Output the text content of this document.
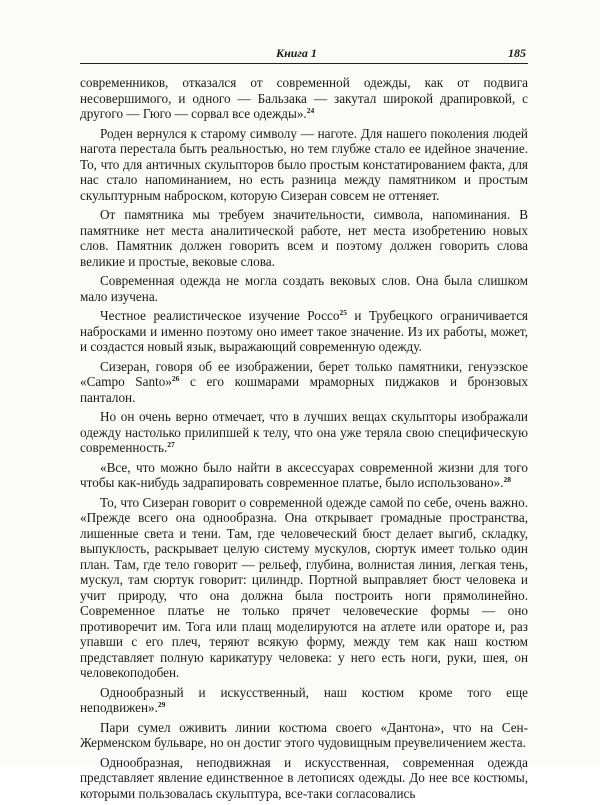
Книга 1	185

современников, отказался от современной одежды, как от подвига несовершимого, и одного — Бальзака — закутал широкой драпировкой, с другого — Гюго — сорвал все одежды».$^{24}$

Роден вернулся к старому символу — наготе. Для нашего поколения людей нагота перестала быть реальностью, но тем глубже стало ее идейное значение. То, что для античных скульпторов было простым констатированием факта, для нас стало напоминанием, но есть разница между памятником и простым скульптурным наброском, которую Сизеран совсем не оттеняет.

От памятника мы требуем значительности, символа, напоминания. В памятнике нет места аналитической работе, нет места изобретению новых слов. Памятник должен говорить всем и поэтому должен говорить слова великие и простые, вековые слова.

Современная одежда не могла создать вековых слов. Она была слишком мало изучена.

Честное реалистическое изучение Россо$^{25}$ и Трубецкого ограничивается набросками и именно поэтому оно имеет такое значение. Из их работы, может, и создастся новый язык, выражающий современную одежду.

Сизеран, говоря об ее изображении, берет только памятники, генуэзское «Campo Santo»$^{26}$ с его кошмарами мраморных пиджаков и бронзовых панталон.

Но он очень верно отмечает, что в лучших вещах скульпторы изображали одежду настолько прилипшей к телу, что она уже теряла свою специфическую современность.$^{27}$

«Все, что можно было найти в аксессуарах современной жизни для того чтобы как-нибудь задрапировать современное платье, было использовано».$^{28}$

То, что Сизеран говорит о современной одежде самой по себе, очень важно. «Прежде всего она однообразна. Она открывает громадные пространства, лишенные света и тени. Там, где человеческий бюст делает выгиб, складку, выпуклость, раскрывает целую систему мускулов, сюртук имеет только один план. Там, где тело говорит — рельеф, глубина, волнистая линия, легкая тень, мускул, там сюртук говорит: цилиндр. Портной выправляет бюст человека и учит природу, что она должна была построить ноги прямолинейно. Современное платье не только прячет человеческие формы — оно противоречит им. Тога или плащ моделируются на атлете или ораторе и, раз упавши с его плеч, теряют всякую форму, между тем как наш костюм представляет полную карикатуру человека: у него есть ноги, руки, шея, он человекоподобен.

Однообразный и искусственный, наш костюм кроме того еще неподвижен».$^{29}$

Пари сумел оживить линии костюма своего «Дантона», что на Сен-Жерменском бульваре, но он достиг этого чудовищным преувеличением жеста.

Однообразная, неподвижная и искусственная, современная одежда представляет явление единственное в летописях одежды. До нее все костюмы, которыми пользовалась скульптура, все-таки согласовались
